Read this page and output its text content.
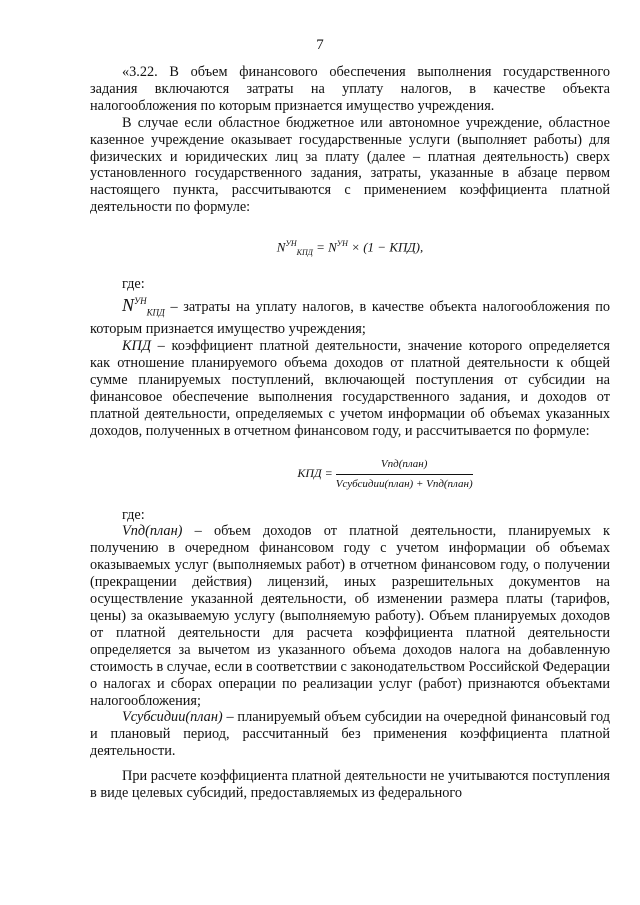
7

«3.22. В объем финансового обеспечения выполнения государственного задания включаются затраты на уплату налогов, в качестве объекта налогообложения по которым признается имущество учреждения.

В случае если областное бюджетное или автономное учреждение, областное казенное учреждение оказывает государственные услуги (выполняет работы) для физических и юридических лиц за плату (далее – платная деятельность) сверх установленного государственного задания, затраты, указанные в абзаце первом настоящего пункта, рассчитываются с применением коэффициента платной деятельности по формуле:

$N^{УН}_{КПД} = N^{УН} \times (1 - КПД)$,

где:

$N^{УН}_{КПД}$ – затраты на уплату налогов, в качестве объекта налогообложения по которым признается имущество учреждения;

КПД – коэффициент платной деятельности, значение которого определяется как отношение планируемого объема доходов от платной деятельности к общей сумме планируемых поступлений, включающей поступления от субсидии на финансовое обеспечение выполнения государственного задания, и доходов от платной деятельности, определяемых с учетом информации об объемах указанных доходов, полученных в отчетном финансовом году, и рассчитывается по формуле:

КПД = $\frac{\text{Vпд(план)}}{\text{Vсубсидии(план) + Vпд(план)}}$

где:

Vпд(план) – объем доходов от платной деятельности, планируемых к получению в очередном финансовом году с учетом информации об объемах оказываемых услуг (выполняемых работ) в отчетном финансовом году, о получении (прекращении действия) лицензий, иных разрешительных документов на осуществление указанной деятельности, об изменении размера платы (тарифов, цены) за оказываемую услугу (выполняемую работу). Объем планируемых доходов от платной деятельности для расчета коэффициента платной деятельности определяется за вычетом из указанного объема доходов налога на добавленную стоимость в случае, если в соответствии с законодательством Российской Федерации о налогах и сборах операции по реализации услуг (работ) признаются объектами налогообложения;

Vсубсидии(план) – планируемый объем субсидии на очередной финансовый год и плановый период, рассчитанный без применения коэффициента платной деятельности.

При расчете коэффициента платной деятельности не учитываются поступления в виде целевых субсидий, предоставляемых из федерального
